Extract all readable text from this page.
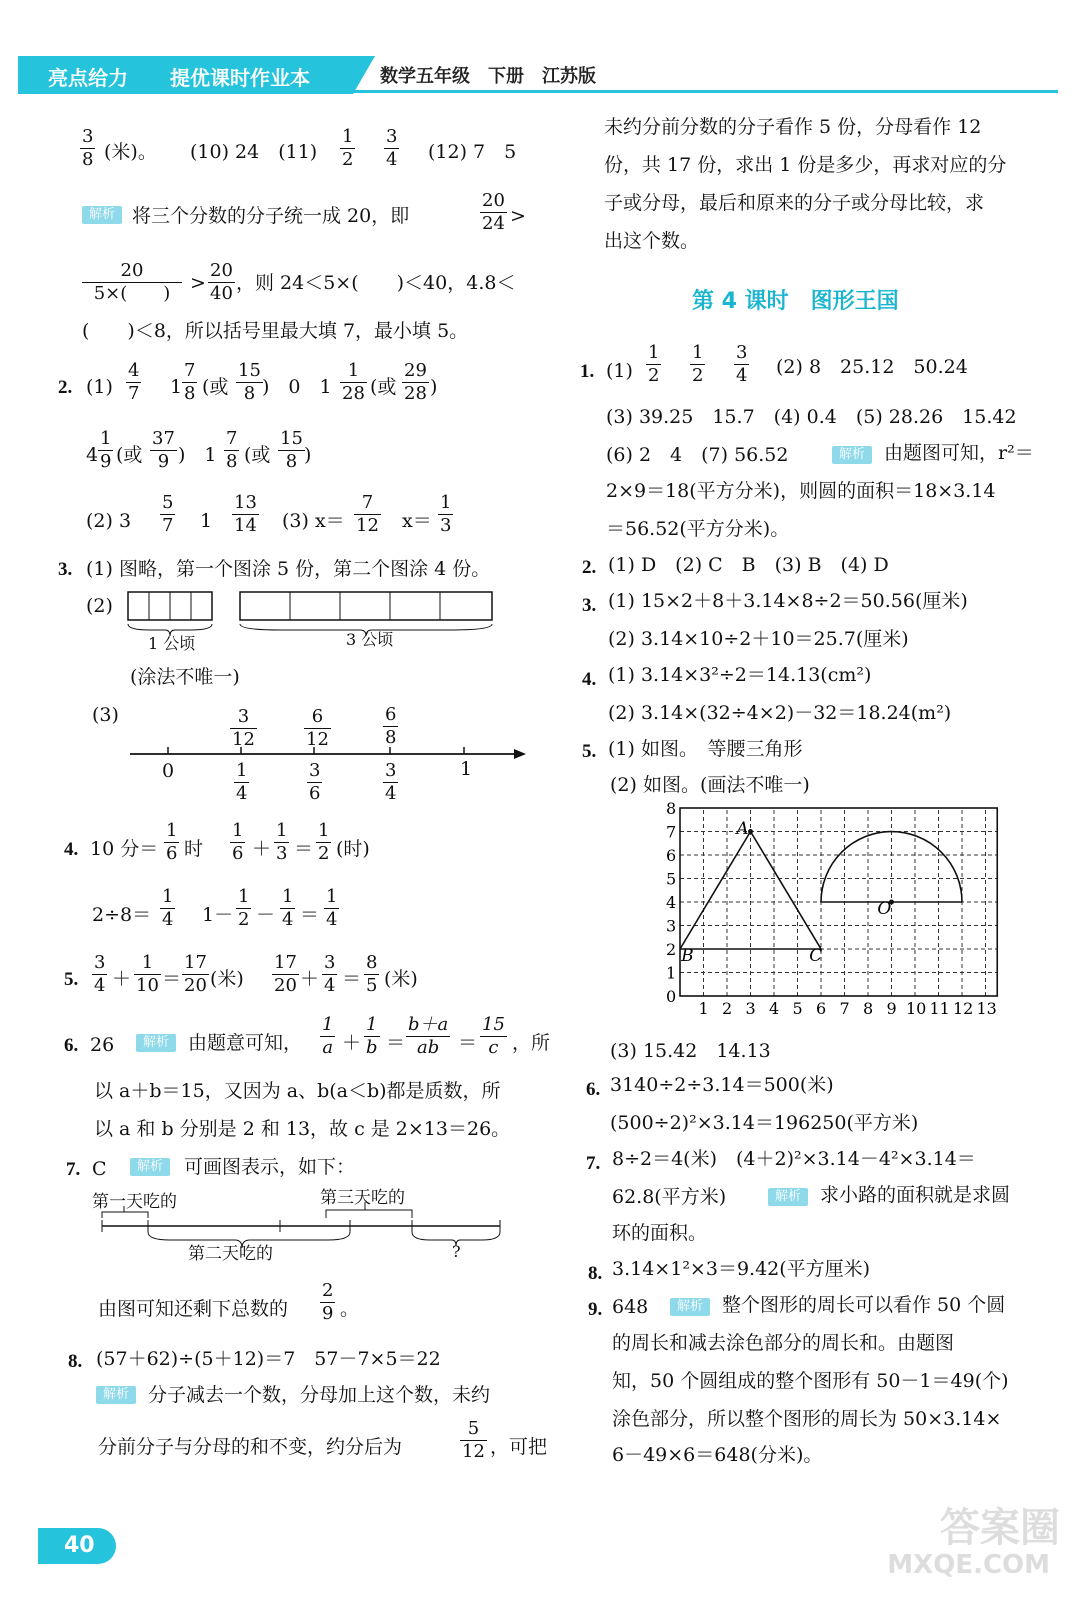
亮点给力 提优课时作业本	数学五年级　下册　江苏版
3
8 (米)。 (10) 24　(11)
1
2
3
4 (12) 7　5
解析 将三个分数的分子统一成 20，即
20
24 >
20
5×(　　)	>
20
40 ，则 24＜5×(　　)＜40，4.8＜
(　　)＜8，所以括号里最大填 7，最小填 5。
2. (1)
4
7 1
7
8 (或
15
8 )　0　1
1
28 (或
29
28 )
4
1
9 (或
37
9 )　1
7
8 (或
15
8 )
(2) 3
5
7 1
13
14 (3) x＝
7
12 x＝
1
3
3. (1) 图略，第一个图涂 5 份，第二个图涂 4 份。
(2)
1 公顷	3 公顷
(涂法不唯一)
(3)	3
12
6
12
6
8
0	1
4
3
6
3
4
1
4. 10 分＝
1
6 时
1
6 ＋
1
3 ＝
1
2 (时)
2÷8＝
1
4 1－
1
2 －
1
4 ＝
1
4
5.
3
4 ＋
1
10 ＝
17
20 (米)
17
20 ＋
3
4 ＝
8
5 (米)
6. 26	解析	由题意可知，
1
a ＋
1
b ＝
b＋a
ab ＝
15
c ，所
以 a＋b＝15，又因为 a、b(a＜b)都是质数，所
以 a 和 b 分别是 2 和 13，故 c 是 2×13＝26。
7. C	解析	可画图表示，如下：
第一天吃的	第三天吃的
第二天吃的	?
由图可知还剩下总数的
2
9 。
8. (57＋62)÷(5＋12)＝7　57－7×5＝22
解析	分子减去一个数，分母加上这个数，未约
分前分子与分母的和不变，约分后为
5
12 ，可把
未约分前分数的分子看作 5 份，分母看作 12
份，共 17 份，求出 1 份是多少，再求对应的分
子或分母，最后和原来的分子或分母比较，求
出这个数。
第 4 课时　图形王国
1. (1)
1
2
1
2
3
4 (2) 8　25.12　50.24
(3) 39.25　15.7　(4) 0.4　(5) 28.26　15.42
(6) 2　4　(7) 56.52	解析	由题图可知，r²＝
2×9＝18(平方分米)，则圆的面积＝18×3.14
＝56.52(平方分米)。
2. (1) D　(2) C　B　(3) B　(4) D
3. (1) 15×2＋8＋3.14×8÷2＝50.56(厘米)
(2) 3.14×10÷2＋10＝25.7(厘米)
4. (1) 3.14×3²÷2＝14.13(cm²)
(2) 3.14×(32÷4×2)－32＝18.24(m²)
5. (1) 如图。　等腰三角形
(2) 如图。(画法不唯一)
8
7
6
5
4
3
2
1
0
1 2 3 4 5 6 7 8 9 10 11 12 13
A
B	C
O
(3) 15.42　14.13
6. 3140÷2÷3.14＝500(米)
(500÷2)²×3.14＝196250(平方米)
7. 8÷2＝4(米)　(4＋2)²×3.14－4²×3.14＝
62.8(平方米)	解析	求小路的面积就是求圆
环的面积。
8. 3.14×1²×3＝9.42(平方厘米)
9. 648	解析	整个图形的周长可以看作 50 个圆
的周长和减去涂色部分的周长和。由题图
知，50 个圆组成的整个图形有 50－1＝49(个)
涂色部分，所以整个图形的周长为 50×3.14×
6－49×6＝648(分米)。
40	答案圈
MXQE.COM
